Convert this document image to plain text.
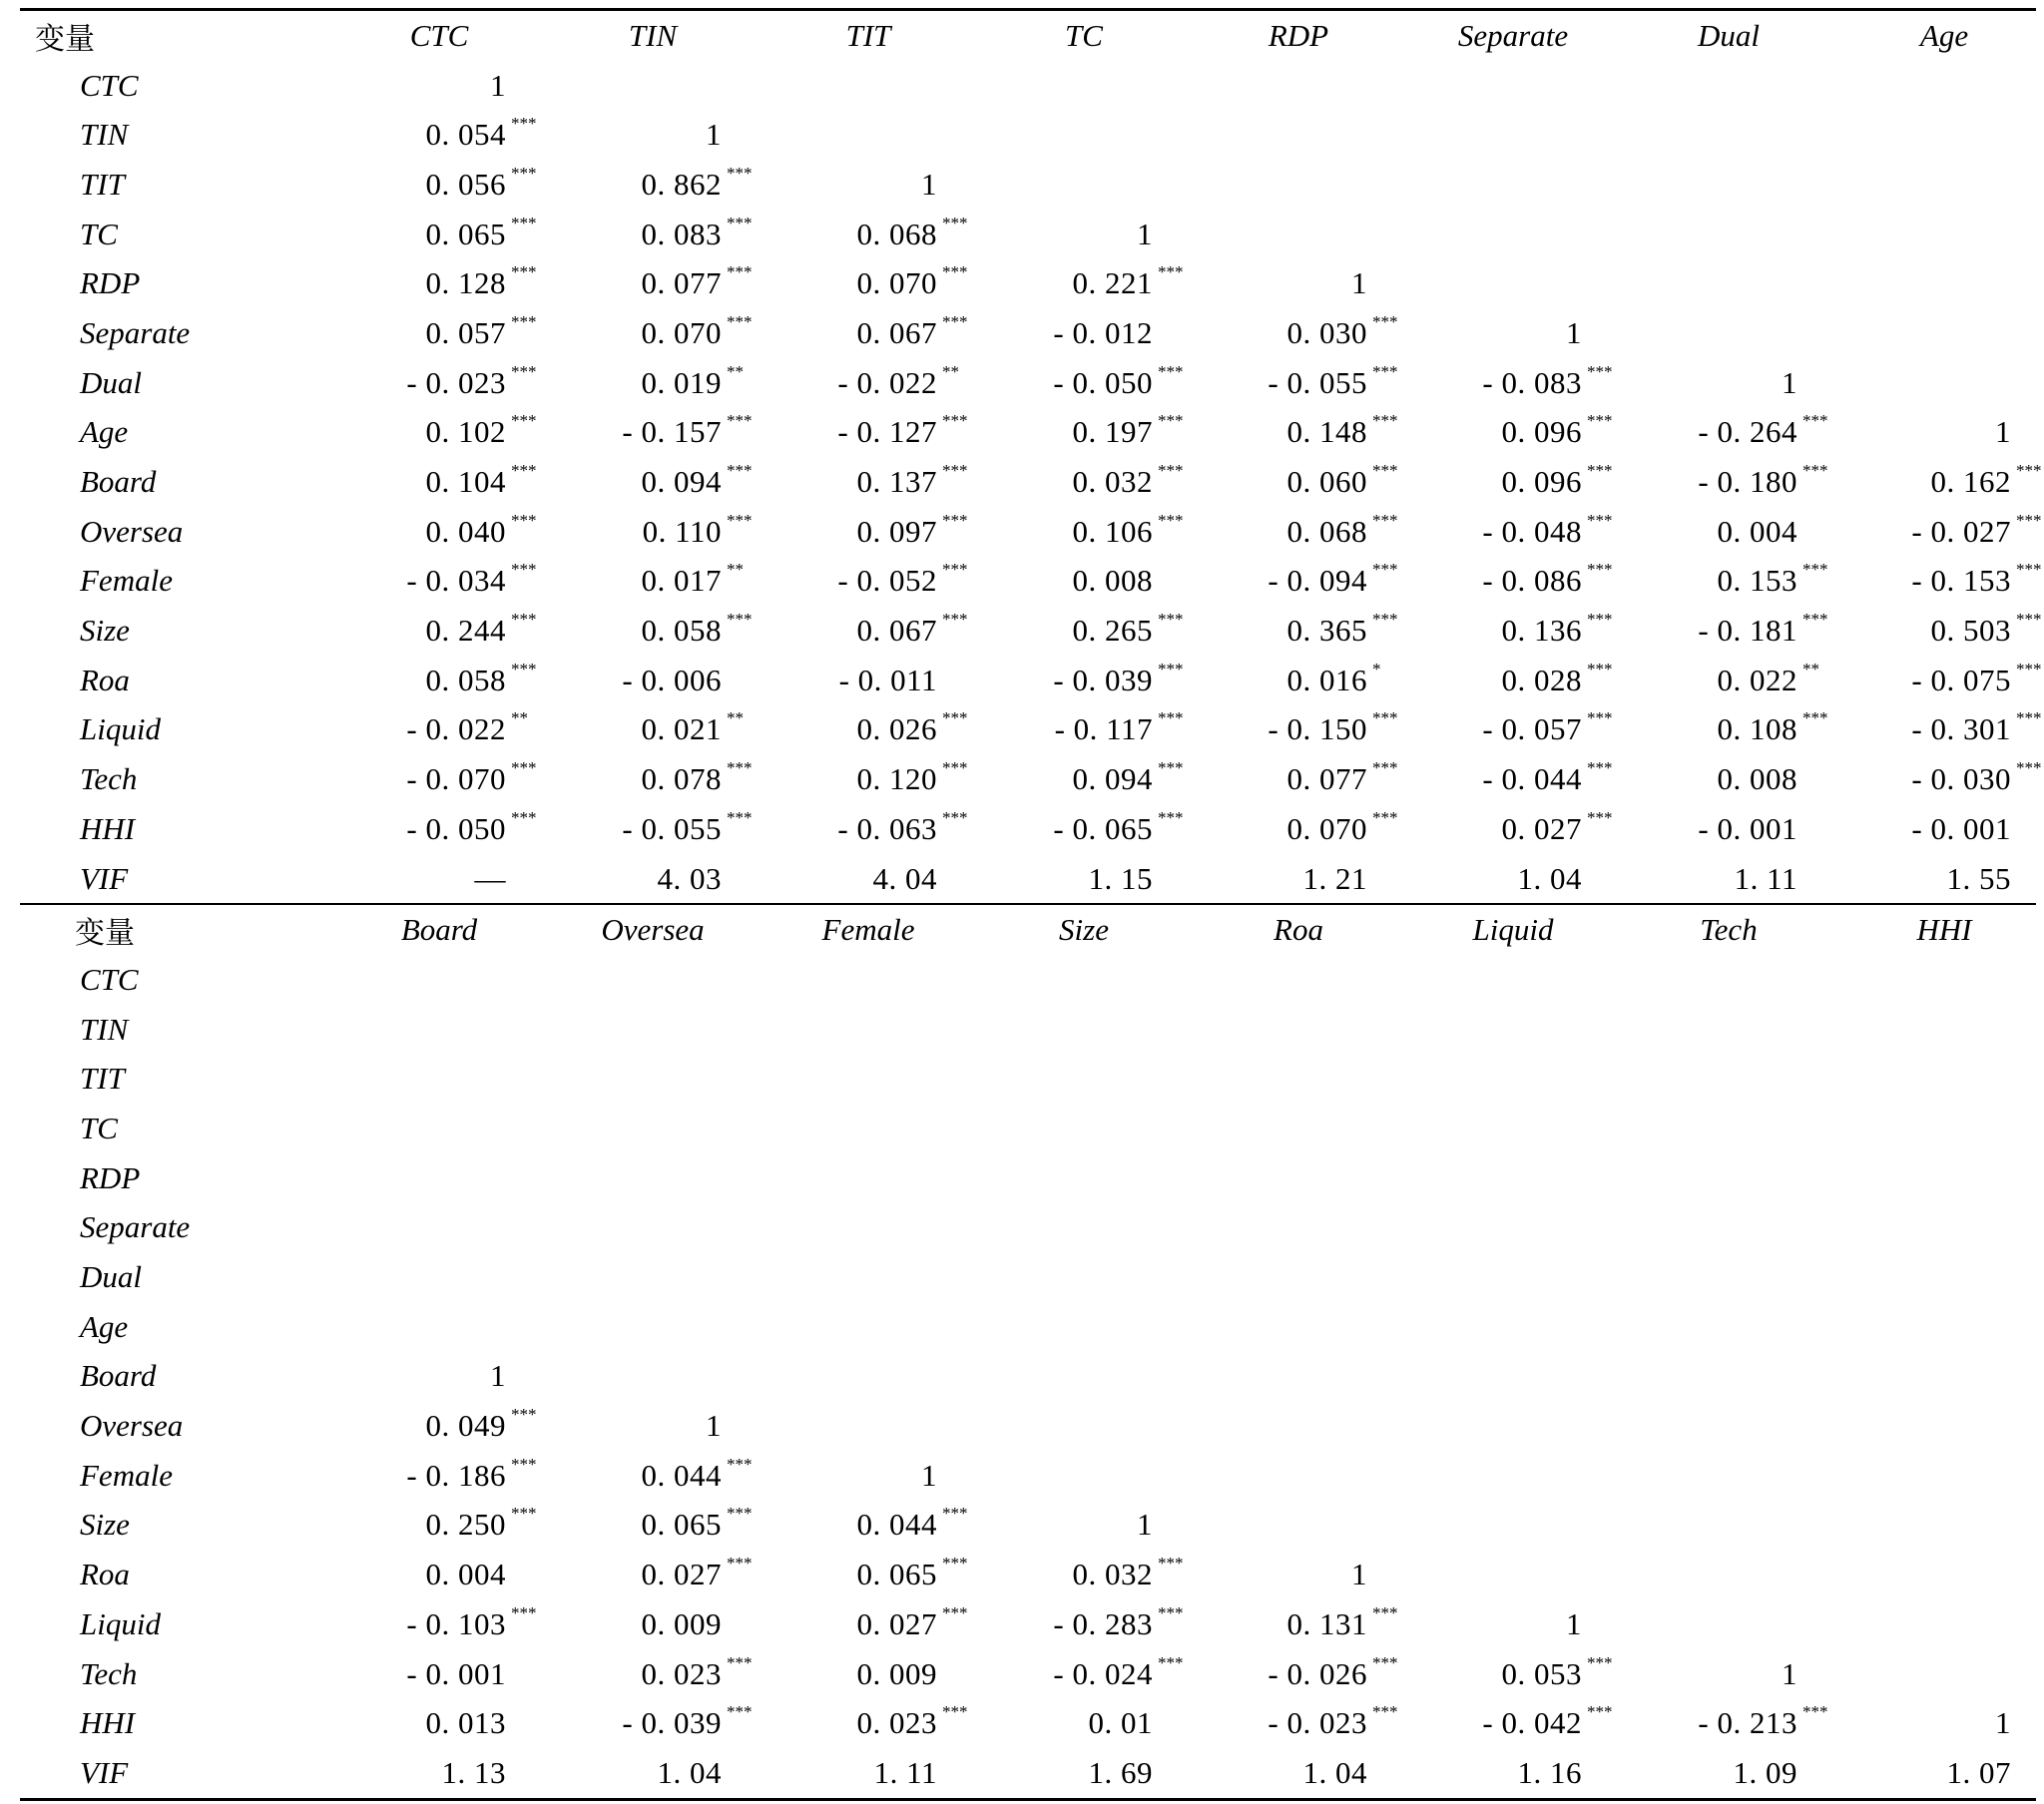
变量	CTC	TIN	TIT	TC	RDP	Separate	Dual	Age
CTC	1
TIN	0. 054 ***	1
TIT	0. 056 ***	0. 862 ***	1
TC	0. 065 ***	0. 083 ***	0. 068 ***	1
RDP	0. 128 ***	0. 077 ***	0. 070 ***	0. 221 ***	1
Separate	0. 057 ***	0. 070 ***	0. 067 ***	- 0. 012	0. 030 ***	1
Dual	- 0. 023 ***	0. 019 **	- 0. 022 **	- 0. 050 ***	- 0. 055 ***	- 0. 083 ***	1
Age	0. 102 ***	- 0. 157 ***	- 0. 127 ***	0. 197 ***	0. 148 ***	0. 096 ***	- 0. 264 ***	1
Board	0. 104 ***	0. 094 ***	0. 137 ***	0. 032 ***	0. 060 ***	0. 096 ***	- 0. 180 ***	0. 162 ***
Oversea	0. 040 ***	0. 110 ***	0. 097 ***	0. 106 ***	0. 068 ***	- 0. 048 ***	0. 004	- 0. 027 ***
Female	- 0. 034 ***	0. 017 **	- 0. 052 ***	0. 008	- 0. 094 ***	- 0. 086 ***	0. 153 ***	- 0. 153 ***
Size	0. 244 ***	0. 058 ***	0. 067 ***	0. 265 ***	0. 365 ***	0. 136 ***	- 0. 181 ***	0. 503 ***
Roa	0. 058 ***	- 0. 006	- 0. 011	- 0. 039 ***	0. 016 *	0. 028 ***	0. 022 **	- 0. 075 ***
Liquid	- 0. 022 **	0. 021 **	0. 026 ***	- 0. 117 ***	- 0. 150 ***	- 0. 057 ***	0. 108 ***	- 0. 301 ***
Tech	- 0. 070 ***	0. 078 ***	0. 120 ***	0. 094 ***	0. 077 ***	- 0. 044 ***	0. 008	- 0. 030 ***
HHI	- 0. 050 ***	- 0. 055 ***	- 0. 063 ***	- 0. 065 ***	0. 070 ***	0. 027 ***	- 0. 001	- 0. 001
VIF	—	4. 03	4. 04	1. 15	1. 21	1. 04	1. 11	1. 55
变量	Board	Oversea	Female	Size	Roa	Liquid	Tech	HHI
CTC
TIN
TIT
TC
RDP
Separate
Dual
Age
Board	1
Oversea	0. 049 ***	1
Female	- 0. 186 ***	0. 044 ***	1
Size	0. 250 ***	0. 065 ***	0. 044 ***	1
Roa	0. 004	0. 027 ***	0. 065 ***	0. 032 ***	1
Liquid	- 0. 103 ***	0. 009	0. 027 ***	- 0. 283 ***	0. 131 ***	1
Tech	- 0. 001	0. 023 ***	0. 009	- 0. 024 ***	- 0. 026 ***	0. 053 ***	1
HHI	0. 013	- 0. 039 ***	0. 023 ***	0. 01	- 0. 023 ***	- 0. 042 ***	- 0. 213 ***	1
VIF	1. 13	1. 04	1. 11	1. 69	1. 04	1. 16	1. 09	1. 07
